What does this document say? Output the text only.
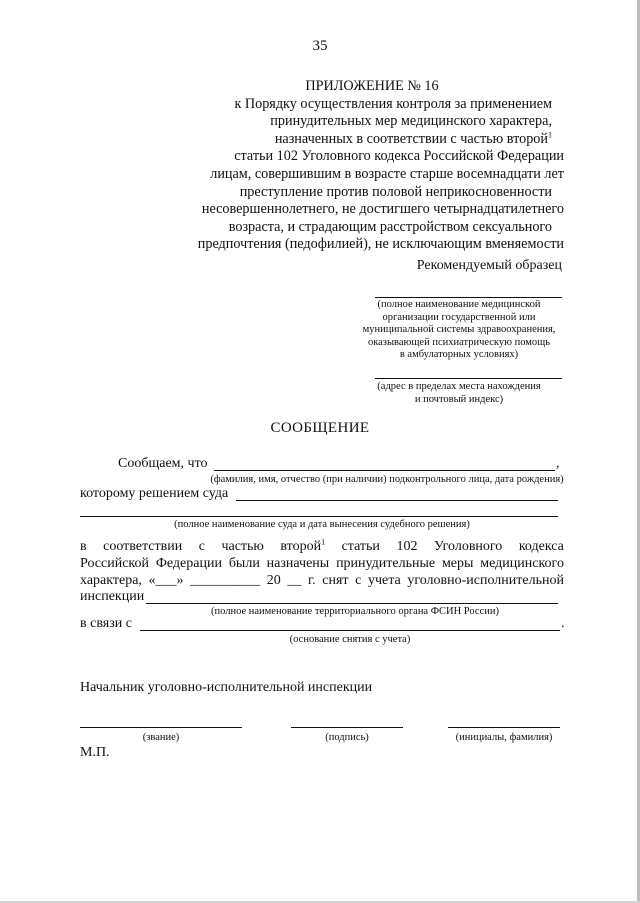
35
ПРИЛОЖЕНИЕ № 16
к Порядку осуществления контроля за применением
принудительных мер медицинского характера,
назначенных в соответствии с частью второй$^1$
статьи 102 Уголовного кодекса Российской Федерации
лицам, совершившим в возрасте старше восемнадцати лет
преступление против половой неприкосновенности
несовершеннолетнего, не достигшего четырнадцатилетнего
возраста, и страдающим расстройством сексуального
предпочтения (педофилией), не исключающим вменяемости
Рекомендуемый образец
(полное наименование медицинской
организации государственной или
муниципальной системы здравоохранения,
оказывающей психиатрическую помощь
в амбулаторных условиях)
(адрес в пределах места нахождения
и почтовый индекс)
СООБЩЕНИЕ
Сообщаем, что	,
(фамилия, имя, отчество (при наличии) подконтрольного лица, дата рождения)
которому решением суда
(полное наименование суда и дата вынесения судебного решения)
в соответствии с частью второй$^1$ статьи 102 Уголовного кодекса
Российской Федерации были назначены принудительные меры медицинского
характера, «___» __________ 20 __ г. снят с учета уголовно-исполнительной
инспекции
(полное наименование территориального органа ФСИН России)
в связи с	.
(основание снятия с учета)
Начальник уголовно-исполнительной инспекции
(звание)	(подпись)	(инициалы, фамилия)
М.П.
